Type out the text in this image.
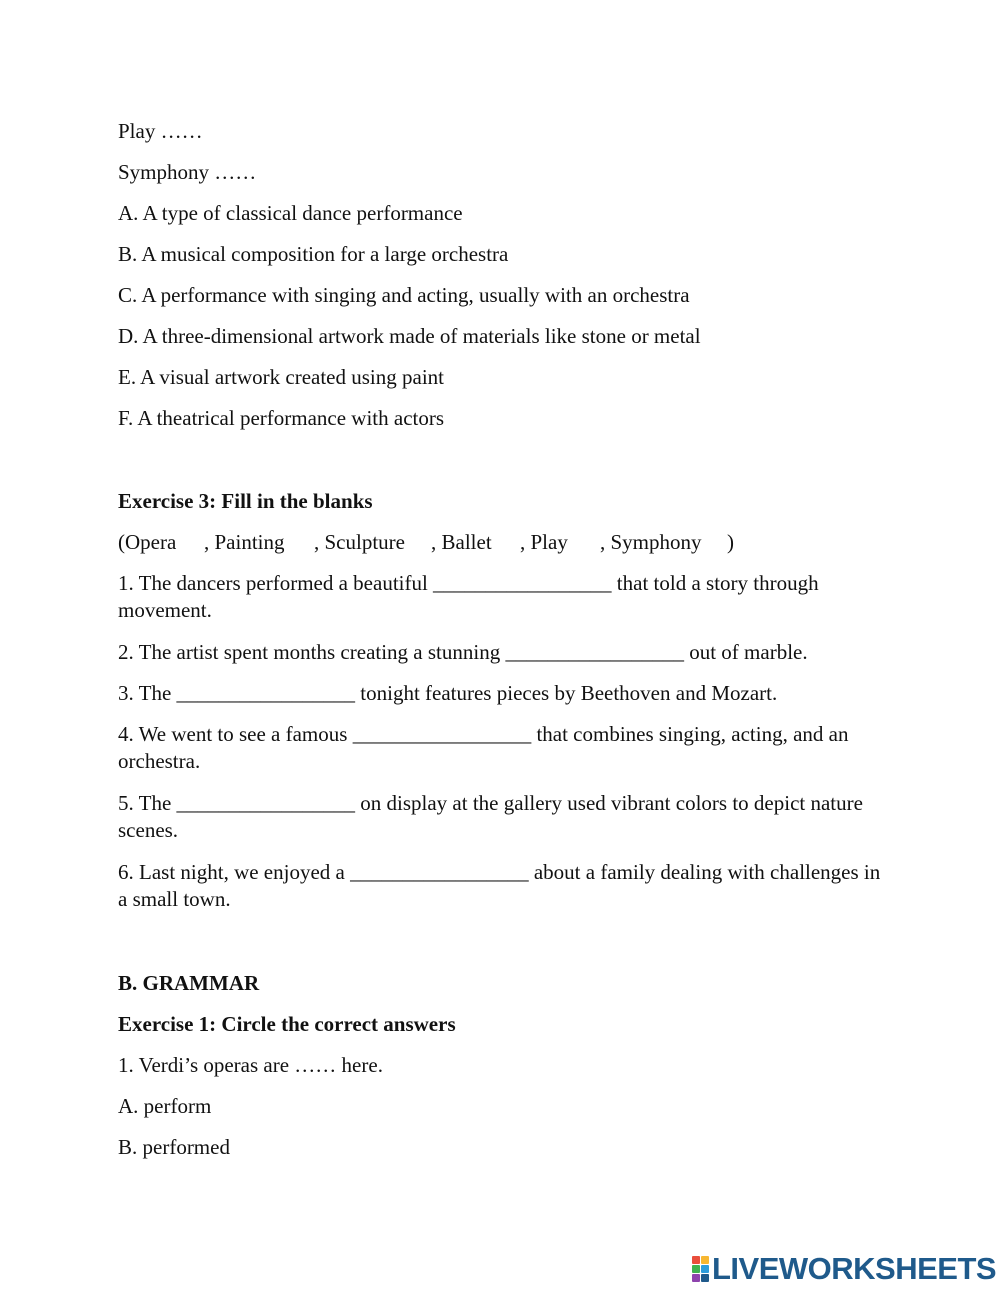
Play ……
Symphony ……
A. A type of classical dance performance
B. A musical composition for a large orchestra
C. A performance with singing and acting, usually with an orchestra
D. A three-dimensional artwork made of materials like stone or metal
E. A visual artwork created using paint
F. A theatrical performance with actors
Exercise 3: Fill in the blanks
(Opera , Painting , Sculpture , Ballet , Play , Symphony )
1. The dancers performed a beautiful _________________ that told a story through movement.
2. The artist spent months creating a stunning _________________ out of marble.
3. The _________________ tonight features pieces by Beethoven and Mozart.
4. We went to see a famous _________________ that combines singing, acting, and an orchestra.
5. The _________________ on display at the gallery used vibrant colors to depict nature scenes.
6. Last night, we enjoyed a _________________ about a family dealing with challenges in a small town.
B. GRAMMAR
Exercise 1: Circle the correct answers
1. Verdi’s operas are …… here.
A. perform
B. performed
LIVEWORKSHEETS
